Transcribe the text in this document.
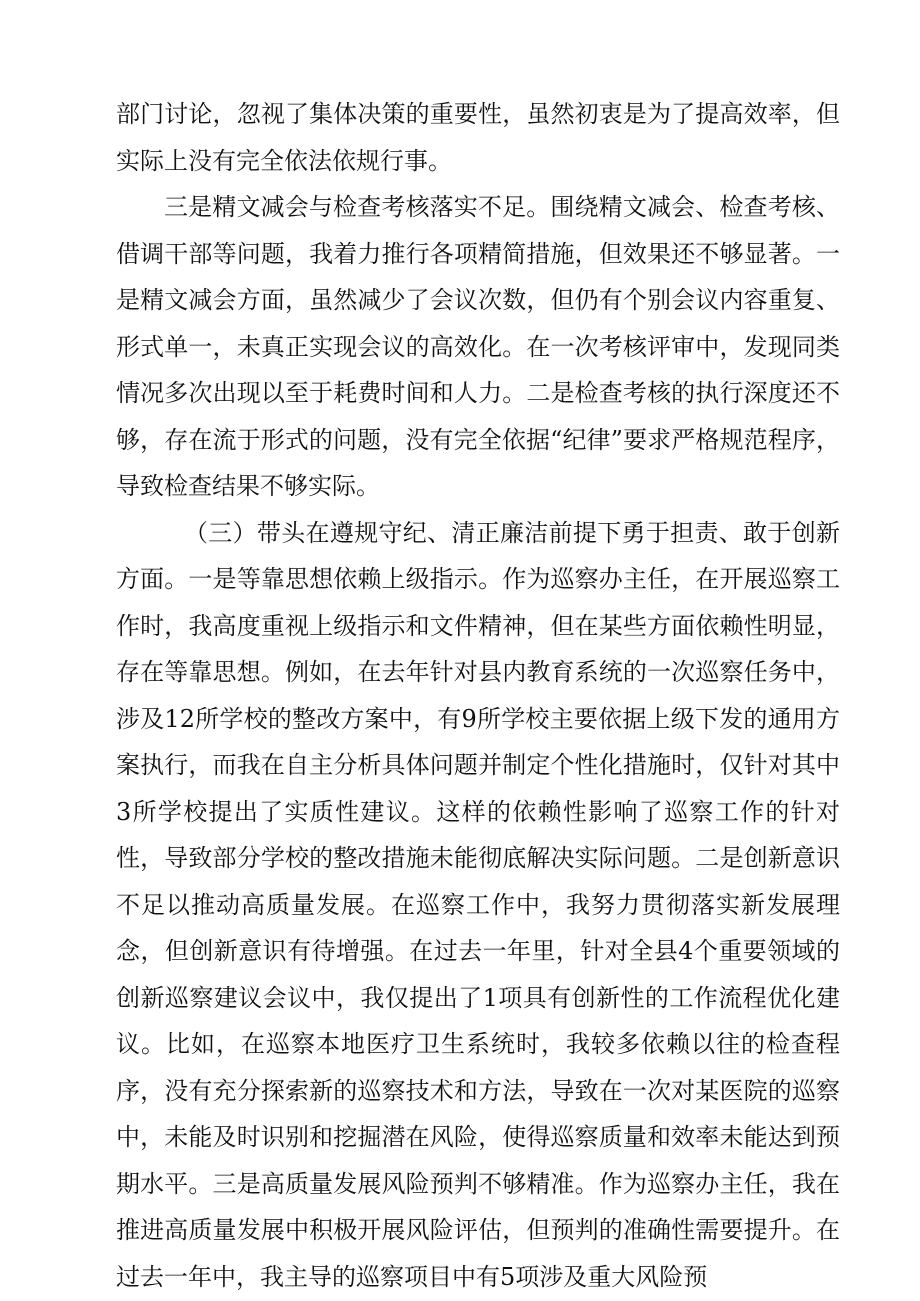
部门讨论，忽视了集体决策的重要性，虽然初衷是为了提高效率，但实际上没有完全依法依规行事。

三是精文减会与检查考核落实不足。围绕精文减会、检查考核、借调干部等问题，我着力推行各项精简措施，但效果还不够显著。一是精文减会方面，虽然减少了会议次数，但仍有个别会议内容重复、形式单一，未真正实现会议的高效化。在一次考核评审中，发现同类情况多次出现以至于耗费时间和人力。二是检查考核的执行深度还不够，存在流于形式的问题，没有完全依据“纪律”要求严格规范程序，导致检查结果不够实际。

（三）带头在遵规守纪、清正廉洁前提下勇于担责、敢于创新方面。一是等靠思想依赖上级指示。作为巡察办主任，在开展巡察工作时，我高度重视上级指示和文件精神，但在某些方面依赖性明显，存在等靠思想。例如，在去年针对县内教育系统的一次巡察任务中，涉及12所学校的整改方案中，有9所学校主要依据上级下发的通用方案执行，而我在自主分析具体问题并制定个性化措施时，仅针对其中3所学校提出了实质性建议。这样的依赖性影响了巡察工作的针对性，导致部分学校的整改措施未能彻底解决实际问题。二是创新意识不足以推动高质量发展。在巡察工作中，我努力贯彻落实新发展理念，但创新意识有待增强。在过去一年里，针对全县4个重要领域的创新巡察建议会议中，我仅提出了1项具有创新性的工作流程优化建议。比如，在巡察本地医疗卫生系统时，我较多依赖以往的检查程序，没有充分探索新的巡察技术和方法，导致在一次对某医院的巡察中，未能及时识别和挖掘潜在风险，使得巡察质量和效率未能达到预期水平。三是高质量发展风险预判不够精准。作为巡察办主任，我在推进高质量发展中积极开展风险评估，但预判的准确性需要提升。在过去一年中，我主导的巡察项目中有5项涉及重大风险预
